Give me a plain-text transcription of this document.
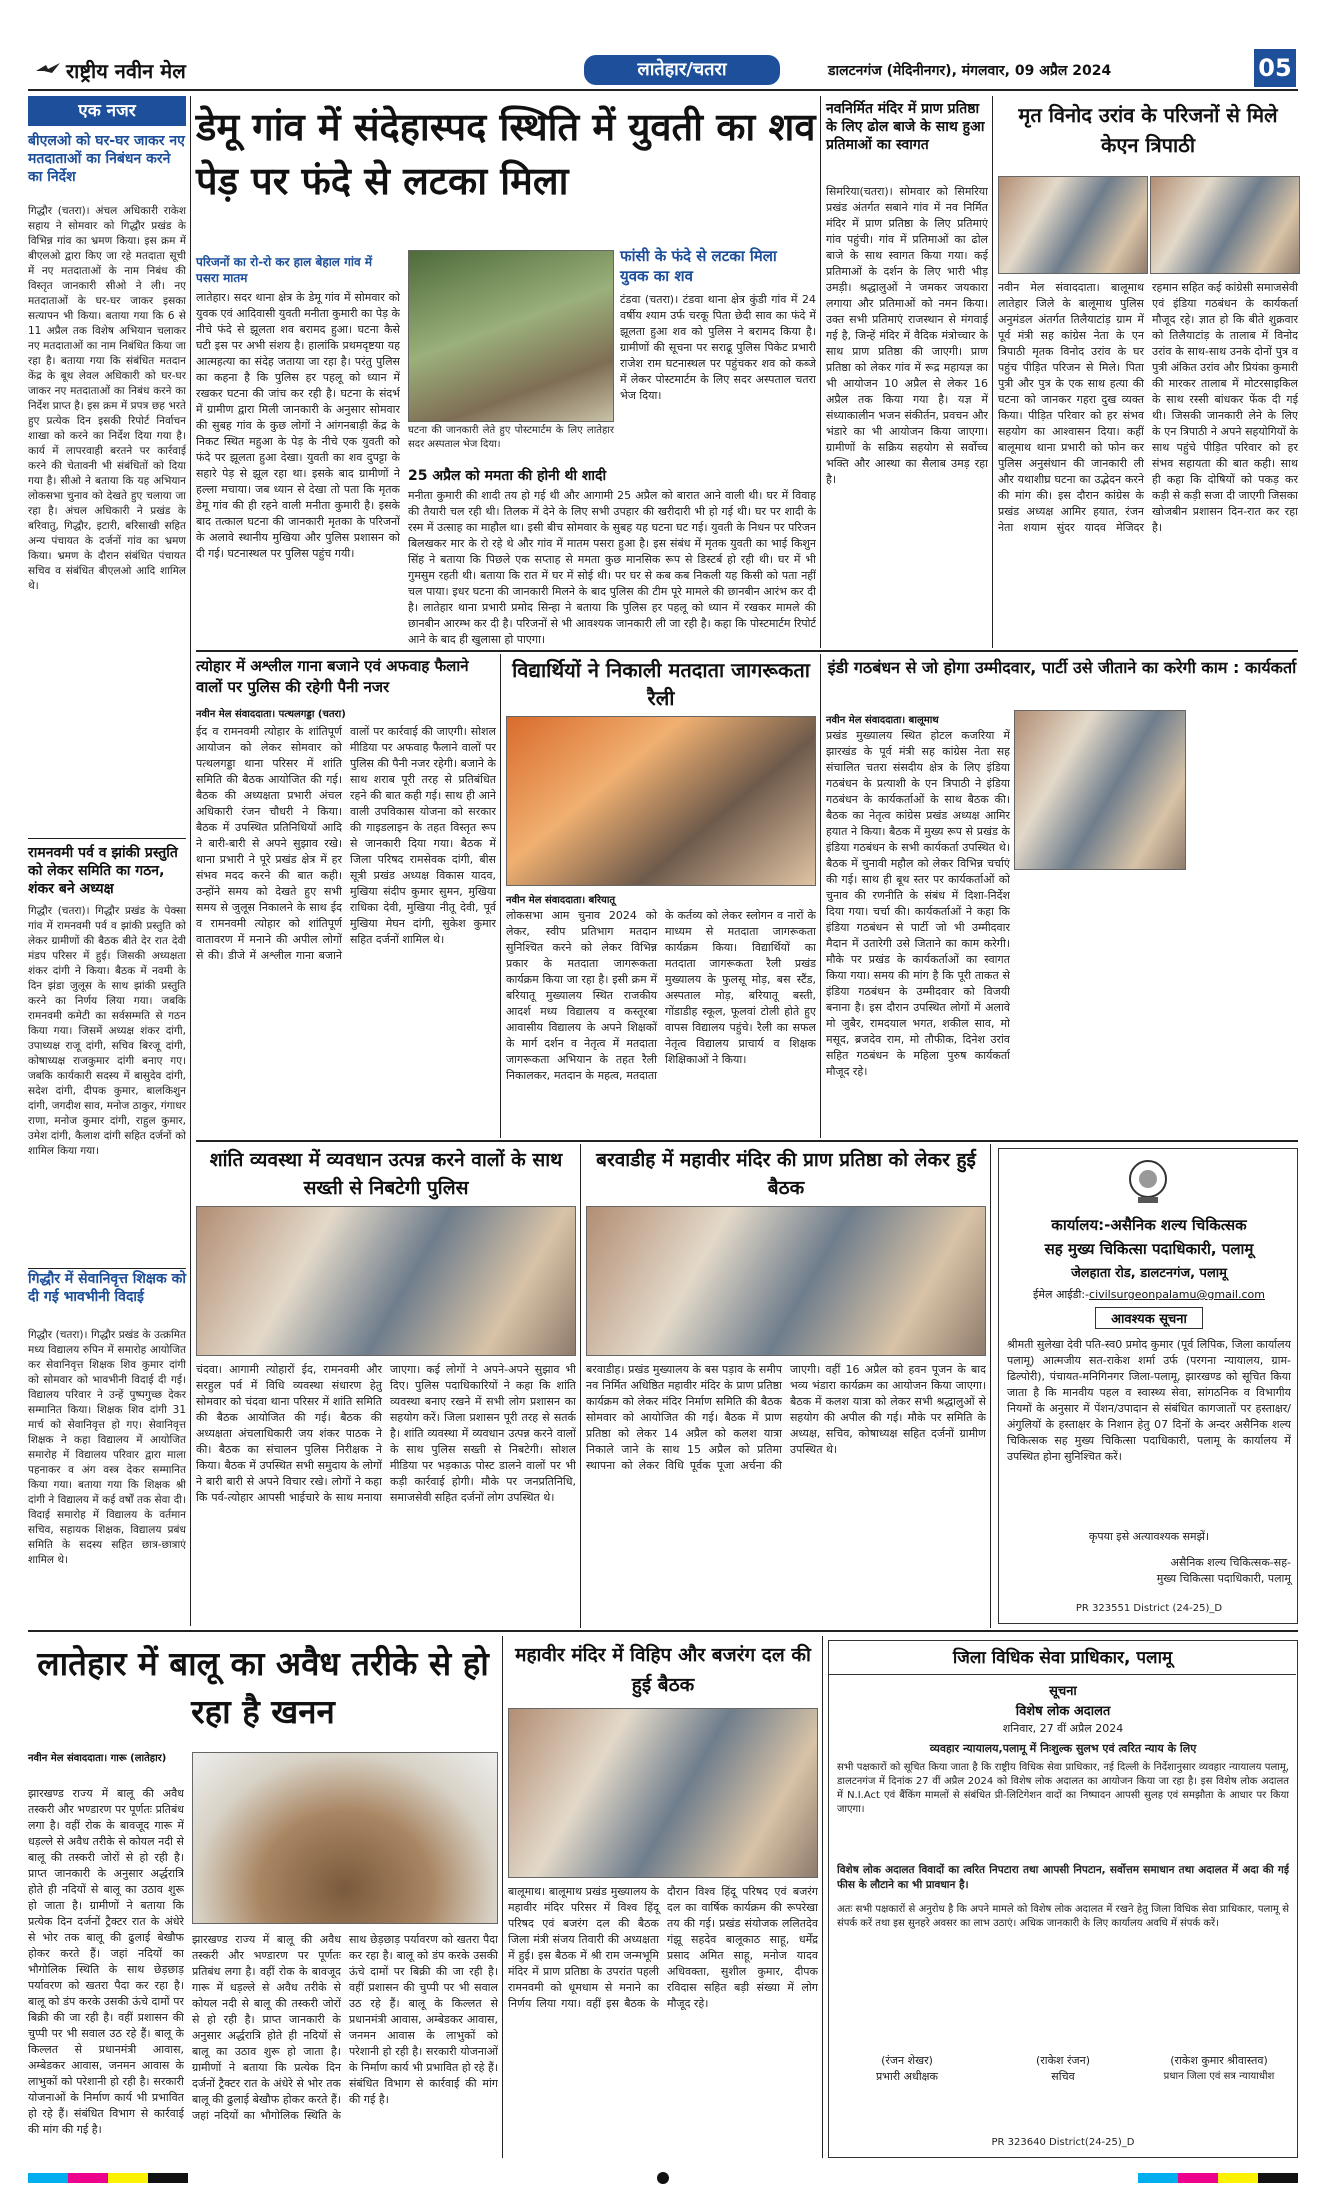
राष्ट्रीय नवीन मेल	लातेहार/चतरा	डालटनगंज (मेदिनीनगर), मंगलवार, 09 अप्रैल 2024	05
एक नजर
बीएलओ को घर-घर जाकर नए मतदाताओं का निबंधन करने का निर्देश
गिद्धौर (चतरा)। अंचल अधिकारी राकेश सहाय ने सोमवार को गिद्धौर प्रखंड के विभिन्न गांव का भ्रमण किया। इस क्रम में बीएलओ द्वारा किए जा रहे मतदाता सूची में नए मतदाताओं के नाम निबंध की विस्तृत जानकारी सीओ ने ली। नए मतदाताओं के घर-घर जाकर इसका सत्यापन भी किया। बताया गया कि 6 से 11 अप्रैल तक विशेष अभियान चलाकर नए मतदाताओं का नाम निबंधित किया जा रहा है। बताया गया कि संबंधित मतदान केंद्र के बूथ लेवल अधिकारी को घर-घर जाकर नए मतदाताओं का निबंध करने का निर्देश प्राप्त है। इस क्रम में प्रपत्र छह भरते हुए प्रत्येक दिन इसकी रिपोर्ट निर्वाचन शाखा को करने का निर्देश दिया गया है। कार्य में लापरवाही बरतने पर कार्रवाई करने की चेतावनी भी संबंधितों को दिया गया है। सीओ ने बताया कि यह अभियान लोकसभा चुनाव को देखते हुए चलाया जा रहा है। अंचल अधिकारी ने प्रखंड के बरिवातु, गिद्धौर, इटारी, बरिसाखी सहित अन्य पंचायत के दर्जनों गांव का भ्रमण किया। भ्रमण के दौरान संबंधित पंचायत सचिव व संबंधित बीएलओ आदि शामिल थे।
रामनवमी पर्व व झांकी प्रस्तुति को लेकर समिति का गठन, शंकर बने अध्यक्ष
गिद्धौर (चतरा)। गिद्धौर प्रखंड के पेक्सा गांव में रामनवमी पर्व व झांकी प्रस्तुति को लेकर ग्रामीणों की बैठक बीते देर रात देवी मंडप परिसर में हुई। जिसकी अध्यक्षता शंकर दांगी ने किया। बैठक में नवमी के दिन झंडा जुलूस के साथ झांकी प्रस्तुति करने का निर्णय लिया गया। जबकि रामनवमी कमेटी का सर्वसम्मति से गठन किया गया। जिसमें अध्यक्ष शंकर दांगी, उपाध्यक्ष राजू दांगी, सचिव बिरजू दांगी, कोषाध्यक्ष राजकुमार दांगी बनाए गए। जबकि कार्यकारी सदस्य में बासुदेव दांगी, सदेश दांगी, दीपक कुमार, बालकिशुन दांगी, जगदीश साव, मनोज ठाकुर, गंगाधर राणा, मनोज कुमार दांगी, राहुल कुमार, उमेश दांगी, कैलाश दांगी सहित दर्जनों को शामिल किया गया।
गिद्धौर में सेवानिवृत्त शिक्षक को दी गई भावभीनी विदाई
गिद्धौर (चतरा)। गिद्धौर प्रखंड के उत्क्रमित मध्य विद्यालय रुपिन में समारोह आयोजित कर सेवानिवृत्त शिक्षक शिव कुमार दांगी को सोमवार को भावभीनी विदाई दी गई। विद्यालय परिवार ने उन्हें पुष्पगुच्छ देकर सम्मानित किया। शिक्षक शिव दांगी 31 मार्च को सेवानिवृत्त हो गए। सेवानिवृत्त शिक्षक ने कहा विद्यालय में आयोजित समारोह में विद्यालय परिवार द्वारा माला पहनाकर व अंग वस्त्र देकर सम्मानित किया गया। बताया गया कि शिक्षक श्री दांगी ने विद्यालय में कई वर्षों तक सेवा दी। विदाई समारोह में विद्यालय के वर्तमान सचिव, सहायक शिक्षक, विद्यालय प्रबंध समिति के सदस्य सहित छात्र-छात्राएं शामिल थे।
डेमू गांव में संदेहास्पद स्थिति में युवती का शव पेड़ पर फंदे से लटका मिला
परिजनों का रो-रो कर हाल बेहाल गांव में पसरा मातम
लातेहार। सदर थाना क्षेत्र के डेमू गांव में सोमवार को युवक एवं आदिवासी युवती मनीता कुमारी का पेड़ के नीचे फंदे से झूलता शव बरामद हुआ। घटना कैसे घटी इस पर अभी संशय है। हालांकि प्रथमदृष्टया यह आत्महत्या का संदेह जताया जा रहा है। परंतु पुलिस का कहना है कि पुलिस हर पहलू को ध्यान में रखकर घटना की जांच कर रही है। घटना के संदर्भ में ग्रामीण द्वारा मिली जानकारी के अनुसार सोमवार की सुबह गांव के कुछ लोगों ने आंगनबाड़ी केंद्र के निकट स्थित महुआ के पेड़ के नीचे एक युवती को फंदे पर झूलता हुआ देखा। युवती का शव दुपट्टा के सहारे पेड़ से झूल रहा था। इसके बाद ग्रामीणों ने हल्ला मचाया। जब ध्यान से देखा तो पता कि मृतक डेमू गांव की ही रहने वाली मनीता कुमारी है। इसके बाद तत्काल घटना की जानकारी मृतका के परिजनों के अलावे स्थानीय मुखिया और पुलिस प्रशासन को दी गई। घटनास्थल पर पुलिस पहुंच गयी।
घटना की जानकारी लेते हुए पोस्टमार्टम के लिए लातेहार सदर अस्पताल भेज दिया।
फांसी के फंदे से लटका मिला युवक का शव
टंडवा (चतरा)। टंडवा थाना क्षेत्र कुंडी गांव में 24 वर्षीय श्याम उर्फ चरकू पिता छेदी साव का फंदे में झूलता हुआ शव को पुलिस ने बरामद किया है। ग्रामीणों की सूचना पर सराढू पुलिस पिकेट प्रभारी राजेश राम घटनास्थल पर पहुंचकर शव को कब्जे में लेकर पोस्टमार्टम के लिए सदर अस्पताल चतरा भेज दिया।
25 अप्रैल को ममता की होनी थी शादी
मनीता कुमारी की शादी तय हो गई थी और आगामी 25 अप्रैल को बारात आने वाली थी। घर में विवाह की तैयारी चल रही थी। तिलक में देने के लिए सभी उपहार की खरीदारी भी हो गई थी। घर पर शादी के रस्म में उत्साह का माहौल था। इसी बीच सोमवार के सुबह यह घटना घट गई। युवती के निधन पर परिजन बिलखकर मार के रो रहे थे और गांव में मातम पसरा हुआ है। इस संबंध में मृतक युवती का भाई किशुन सिंह ने बताया कि पिछले एक सप्ताह से ममता कुछ मानसिक रूप से डिस्टर्ब हो रही थी। घर में भी गुमसुम रहती थी। बताया कि रात में घर में सोई थी। पर घर से कब कब निकली यह किसी को पता नहीं चल पाया। इधर घटना की जानकारी मिलने के बाद पुलिस की टीम पूरे मामले की छानबीन आरंभ कर दी है। लातेहार थाना प्रभारी प्रमोद सिन्हा ने बताया कि पुलिस हर पहलू को ध्यान में रखकर मामले की छानबीन आरम्भ कर दी है। परिजनों से भी आवश्यक जानकारी ली जा रही है। कहा कि पोस्टमार्टम रिपोर्ट आने के बाद ही खुलासा हो पाएगा।
नवनिर्मित मंदिर में प्राण प्रतिष्ठा के लिए ढोल बाजे के साथ हुआ प्रतिमाओं का स्वागत
सिमरिया(चतरा)। सोमवार को सिमरिया प्रखंड अंतर्गत सबाने गांव में नव निर्मित मंदिर में प्राण प्रतिष्ठा के लिए प्रतिमाएं गांव पहुंची। गांव में प्रतिमाओं का ढोल बाजे के साथ स्वागत किया गया। कई प्रतिमाओं के दर्शन के लिए भारी भीड़ उमड़ी। श्रद्धालुओं ने जमकर जयकारा लगाया और प्रतिमाओं को नमन किया। उक्त सभी प्रतिमाएं राजस्थान से मंगवाई गई है, जिन्हें मंदिर में वैदिक मंत्रोच्चार के साथ प्राण प्रतिष्ठा की जाएगी। प्राण प्रतिष्ठा को लेकर गांव में रूद्र महायज्ञ का भी आयोजन 10 अप्रैल से लेकर 16 अप्रैल तक किया गया है। यज्ञ में संध्याकालीन भजन संकीर्तन, प्रवचन और भंडारे का भी आयोजन किया जाएगा। ग्रामीणों के सक्रिय सहयोग से सर्वोच्च भक्ति और आस्था का सैलाब उमड़ रहा है।
मृत विनोद उरांव के परिजनों से मिले केएन त्रिपाठी
नवीन मेल संवाददाता। बालूमाथ लातेहार जिले के बालूमाथ पुलिस अनुमंडल अंतर्गत तिलैयाटांड़ ग्राम में पूर्व मंत्री सह कांग्रेस नेता के एन त्रिपाठी मृतक विनोद उरांव के घर पहुंच पीड़ित परिजन से मिले। पिता पुत्री और पुत्र के एक साथ हत्या की घटना को जानकर गहरा दुख व्यक्त किया। पीड़ित परिवार को हर संभव सहयोग का आश्वासन दिया। कहीं बालूमाथ थाना प्रभारी को फोन कर पुलिस अनुसंधान की जानकारी ली और यथाशीघ्र घटना का उद्भेदन करने की मांग की। इस दौरान कांग्रेस के प्रखंड अध्यक्ष आमिर हयात, रंजन नेता शयाम सुंदर यादव मेजिदर रहमान सहित कई कांग्रेसी समाजसेवी एवं इंडिया गठबंधन के कार्यकर्ता मौजूद रहे। ज्ञात हो कि बीते शुक्रवार को तिलैयाटांड़ के तालाब में विनोद उरांव के साथ-साथ उनके दोनों पुत्र व पुत्री अंकित उरांव और प्रियंका कुमारी की मारकर तालाब में मोटरसाइकिल के साथ रस्सी बांधकर फेंक दी गई थी। जिसकी जानकारी लेने के लिए के एन त्रिपाठी ने अपने सहयोगियों के साथ पहुंचे पीड़ित परिवार को हर संभव सहायता की बात कही। साथ ही कहा कि दोषियों को पकड़ कर कड़ी से कड़ी सजा दी जाएगी जिसका खोजबीन प्रशासन दिन-रात कर रहा है।
त्योहार में अश्लील गाना बजाने एवं अफवाह फैलाने वालों पर पुलिस की रहेगी पैनी नजर
नवीन मेल संवाददाता। पत्थलगड्डा (चतरा)
ईद व रामनवमी त्योहार के शांतिपूर्ण आयोजन को लेकर सोमवार को पत्थलगड्डा थाना परिसर में शांति समिति की बैठक आयोजित की गई। बैठक की अध्यक्षता प्रभारी अंचल अधिकारी रंजन चौधरी ने किया। बैठक में उपस्थित प्रतिनिधियों आदि ने बारी-बारी से अपने सुझाव रखे। थाना प्रभारी ने पूरे प्रखंड क्षेत्र में हर संभव मदद करने की बात कही। उन्होंने समय को देखते हुए सभी समय से जुलूस निकालने के साथ ईद व रामनवमी त्योहार को शांतिपूर्ण वातावरण में मनाने की अपील लोगों से की। डीजे में अश्लील गाना बजाने वालों पर कार्रवाई की जाएगी। सोशल मीडिया पर अफवाह फैलाने वालों पर पुलिस की पैनी नजर रहेगी। बजाने के साथ शराब पूरी तरह से प्रतिबंधित रहने की बात कही गई। साथ ही आने वाली उपविकास योजना को सरकार की गाइडलाइन के तहत विस्तृत रूप से जानकारी दिया गया। बैठक में जिला परिषद रामसेवक दांगी, बीस सूत्री प्रखंड अध्यक्ष विकास यादव, मुखिया संदीप कुमार सुमन, मुखिया राधिका देवी, मुखिया नीतू देवी, पूर्व मुखिया मेघन दांगी, सुकेश कुमार सहित दर्जनों शामिल थे।
विद्यार्थियों ने निकाली मतदाता जागरूकता रैली
नवीन मेल संवाददाता। बरियातू
लोकसभा आम चुनाव 2024 को लेकर, स्वीप प्रतिभाग मतदान सुनिश्चित करने को लेकर विभिन्न प्रकार के मतदाता जागरूकता कार्यक्रम किया जा रहा है। इसी क्रम में बरियातू मुख्यालय स्थित राजकीय आदर्श मध्य विद्यालय व कस्तूरबा आवासीय विद्यालय के अपने शिक्षकों के मार्ग दर्शन व नेतृत्व में मतदाता जागरूकता अभियान के तहत रैली निकालकर, मतदान के महत्व, मतदाता के कर्तव्य को लेकर स्लोगन व नारों के माध्यम से मतदाता जागरूकता कार्यक्रम किया। विद्यार्थियों का मतदाता जागरूकता रैली प्रखंड मुख्यालय के फुलसू मोड़, बस स्टैंड, अस्पताल मोड़, बरियातू बस्ती, गोंडाडीह स्कूल, फूलवां टोली होते हुए वापस विद्यालय पहुंचे। रैली का सफल नेतृत्व विद्यालय प्राचार्य व शिक्षक शिक्षिकाओं ने किया।
इंडी गठबंधन से जो होगा उम्मीदवार, पार्टी उसे जीताने का करेगी काम : कार्यकर्ता
नवीन मेल संवाददाता। बालूमाथ
प्रखंड मुख्यालय स्थित होटल कजरिया में झारखंड के पूर्व मंत्री सह कांग्रेस नेता सह संचालित चतरा संसदीय क्षेत्र के लिए इंडिया गठबंधन के प्रत्याशी के एन त्रिपाठी ने इंडिया गठबंधन के कार्यकर्ताओं के साथ बैठक की। बैठक का नेतृत्व कांग्रेस प्रखंड अध्यक्ष आमिर हयात ने किया। बैठक में मुख्य रूप से प्रखंड के इंडिया गठबंधन के सभी कार्यकर्ता उपस्थित थे। बैठक में चुनावी महौल को लेकर विभिन्न चर्चाएं की गई। साथ ही बूथ स्तर पर कार्यकर्ताओं को चुनाव की रणनीति के संबंध में दिशा-निर्देश दिया गया। चर्चा की। कार्यकर्ताओं ने कहा कि इंडिया गठबंधन से पार्टी जो भी उम्मीदवार मैदान में उतारेगी उसे जिताने का काम करेगी। मौके पर प्रखंड के कार्यकर्ताओं का स्वागत किया गया। समय की मांग है कि पूरी ताकत से इंडिया गठबंधन के उम्मीदवार को विजयी बनाना है। इस दौरान उपस्थित लोगों में अलावे मो जुबैर, रामदयाल भगत, शकील साव, मो मसूद, ब्रजदेव राम, मो तौफीक, दिनेश उरांव सहित गठबंधन के महिला पुरुष कार्यकर्ता मौजूद रहे।
शांति व्यवस्था में व्यवधान उत्पन्न करने वालों के साथ सख्ती से निबटेगी पुलिस
चंदवा। आगामी त्योहारों ईद, रामनवमी और सरहुल पर्व में विधि व्यवस्था संधारण हेतु सोमवार को चंदवा थाना परिसर में शांति समिति की बैठक आयोजित की गई। बैठक की अध्यक्षता अंचलाधिकारी जय शंकर पाठक ने की। बैठक का संचालन पुलिस निरीक्षक ने किया। बैठक में उपस्थित सभी समुदाय के लोगों ने बारी बारी से अपने विचार रखे। लोगों ने कहा कि पर्व-त्योहार आपसी भाईचारे के साथ मनाया जाएगा। कई लोगों ने अपने-अपने सुझाव भी दिए। पुलिस पदाधिकारियों ने कहा कि शांति व्यवस्था बनाए रखने में सभी लोग प्रशासन का सहयोग करें। जिला प्रशासन पूरी तरह से सतर्क है। शांति व्यवस्था में व्यवधान उत्पन्न करने वालों के साथ पुलिस सख्ती से निबटेगी। सोशल मीडिया पर भड़काऊ पोस्ट डालने वालों पर भी कड़ी कार्रवाई होगी। मौके पर जनप्रतिनिधि, समाजसेवी सहित दर्जनों लोग उपस्थित थे।
बरवाडीह में महावीर मंदिर की प्राण प्रतिष्ठा को लेकर हुई बैठक
बरवाडीह। प्रखंड मुख्यालय के बस पड़ाव के समीप नव निर्मित अधिष्ठित महावीर मंदिर के प्राण प्रतिष्ठा कार्यक्रम को लेकर मंदिर निर्माण समिति की बैठक सोमवार को आयोजित की गई। बैठक में प्राण प्रतिष्ठा को लेकर 14 अप्रैल को कलश यात्रा निकाले जाने के साथ 15 अप्रैल को प्रतिमा स्थापना को लेकर विधि पूर्वक पूजा अर्चना की जाएगी। वहीं 16 अप्रैल को हवन पूजन के बाद भव्य भंडारा कार्यक्रम का आयोजन किया जाएगा। बैठक में कलश यात्रा को लेकर सभी श्रद्धालुओं से सहयोग की अपील की गई। मौके पर समिति के अध्यक्ष, सचिव, कोषाध्यक्ष सहित दर्जनों ग्रामीण उपस्थित थे।
कार्यालय:-असैनिक शल्य चिकित्सक
सह मुख्य चिकित्सा पदाधिकारी, पलामू
जेलहाता रोड, डालटनगंज, पलामू
ईमेल आईडी:-civilsurgeonpalamu@gmail.com
आवश्यक सूचना
श्रीमती सुलेखा देवी पति-स्व0 प्रमोद कुमार (पूर्व लिपिक, जिला कार्यालय पलामू) आत्मजीय सत-राकेश शर्मा उर्फ (परगना न्यायालय, ग्राम-ढिल्पोरी), पंचायत-मनिगिनगर जिला-पलामू, झारखण्ड को सूचित किया जाता है कि मानवीय पहल व स्वास्थ्य सेवा, सांगठनिक व विभागीय नियमों के अनुसार में पेंशन/उपादान से संबंधित कागजातों पर हस्ताक्षर/अंगुलियों के हस्ताक्षर के निशान हेतु 07 दिनों के अन्दर असैनिक शल्य चिकित्सक सह मुख्य चिकित्सा पदाधिकारी, पलामू के कार्यालय में उपस्थित होना सुनिश्चित करें।
कृपया इसे अत्यावश्यक समझें।
असैनिक शल्य चिकित्सक-सह-
मुख्य चिकित्सा पदाधिकारी, पलामू
PR 323551 District (24-25)_D
लातेहार में बालू का अवैध तरीके से हो रहा है खनन
नवीन मेल संवाददाता। गारू (लातेहार)
झारखण्ड राज्य में बालू की अवैध तस्करी और भण्डारण पर पूर्णतः प्रतिबंध लगा है। वहीं रोक के बावजूद गारू में धड़ल्ले से अवैध तरीके से कोयल नदी से बालू की तस्करी जोरों से हो रही है। प्राप्त जानकारी के अनुसार अर्द्धरात्रि होते ही नदियों से बालू का उठाव शुरू हो जाता है। ग्रामीणों ने बताया कि प्रत्येक दिन दर्जनों ट्रैक्टर रात के अंधेरे से भोर तक बालू की ढुलाई बेखौफ होकर करते हैं। जहां नदियों का भौगोलिक स्थिति के साथ छेड़छाड़ पर्यावरण को खतरा पैदा कर रहा है। बालू को डंप करके उसकी ऊंचे दामों पर बिक्री की जा रही है। वहीं प्रशासन की चुप्पी पर भी सवाल उठ रहे हैं। बालू के किल्लत से प्रधानमंत्री आवास, अम्बेडकर आवास, जनमन आवास के लाभुकों को परेशानी हो रही है। सरकारी योजनाओं के निर्माण कार्य भी प्रभावित हो रहे हैं। संबंधित विभाग से कार्रवाई की मांग की गई है।
झारखण्ड राज्य में बालू की अवैध तस्करी और भण्डारण पर पूर्णतः प्रतिबंध लगा है। वहीं रोक के बावजूद गारू में धड़ल्ले से अवैध तरीके से कोयल नदी से बालू की तस्करी जोरों से हो रही है। प्राप्त जानकारी के अनुसार अर्द्धरात्रि होते ही नदियों से बालू का उठाव शुरू हो जाता है। ग्रामीणों ने बताया कि प्रत्येक दिन दर्जनों ट्रैक्टर रात के अंधेरे से भोर तक बालू की ढुलाई बेखौफ होकर करते हैं। जहां नदियों का भौगोलिक स्थिति के साथ छेड़छाड़ पर्यावरण को खतरा पैदा कर रहा है। बालू को डंप करके उसकी ऊंचे दामों पर बिक्री की जा रही है। वहीं प्रशासन की चुप्पी पर भी सवाल उठ रहे हैं। बालू के किल्लत से प्रधानमंत्री आवास, अम्बेडकर आवास, जनमन आवास के लाभुकों को परेशानी हो रही है। सरकारी योजनाओं के निर्माण कार्य भी प्रभावित हो रहे हैं। संबंधित विभाग से कार्रवाई की मांग की गई है।
महावीर मंदिर में विहिप और बजरंग दल की हुई बैठक
बालूमाथ। बालूमाथ प्रखंड मुख्यालय के महावीर मंदिर परिसर में विश्व हिंदू परिषद एवं बजरंग दल की बैठक जिला मंत्री संजय तिवारी की अध्यक्षता में हुई। इस बैठक में श्री राम जन्मभूमि मंदिर में प्राण प्रतिष्ठा के उपरांत पहली रामनवमी को धूमधाम से मनाने का निर्णय लिया गया। वहीं इस बैठक के दौरान विश्व हिंदू परिषद एवं बजरंग दल का वार्षिक कार्यक्रम की रूपरेखा तय की गई। प्रखंड संयोजक ललितदेव गंझू सहदेव बालूकाठ साहू, धर्मेंद्र प्रसाद अमित साहू, मनोज यादव अधिवक्ता, सुशील कुमार, दीपक रविदास सहित बड़ी संख्या में लोग मौजूद रहे।
जिला विधिक सेवा प्राधिकार, पलामू
सूचना
विशेष लोक अदालत
शनिवार, 27 वीं अप्रैल 2024
व्यवहार न्यायालय,पलामू में निःशुल्क सुलभ एवं त्वरित न्याय के लिए
सभी पक्षकारों को सूचित किया जाता है कि राष्ट्रीय विधिक सेवा प्राधिकार, नई दिल्ली के निर्देशानुसार व्यवहार न्यायालय पलामू, डालटनगंज में दिनांक 27 वीं अप्रैल 2024 को विशेष लोक अदालत का आयोजन किया जा रहा है। इस विशेष लोक अदालत में N.I.Act एवं बैंकिंग मामलों से संबंधित प्री-लिटिगेशन वादों का निष्पादन आपसी सुलह एवं समझौता के आधार पर किया जाएगा।
विशेष लोक अदालत विवादों का त्वरित निपटारा तथा आपसी निपटान, सर्वोत्तम समाधान तथा अदालत में अदा की गई फीस के लौटाने का भी प्रावधान है।
अतः सभी पक्षकारों से अनुरोध है कि अपने मामले को विशेष लोक अदालत में रखने हेतु जिला विधिक सेवा प्राधिकार, पलामू से संपर्क करें तथा इस सुनहरे अवसर का लाभ उठाएं। अधिक जानकारी के लिए कार्यालय अवधि में संपर्क करें।
(रंजन शेखर)
प्रभारी अधीक्षक
(राकेश रंजन)
सचिव
(राकेश कुमार श्रीवास्तव)
प्रधान जिला एवं सत्र न्यायाधीश
PR 323640 District(24-25)_D
